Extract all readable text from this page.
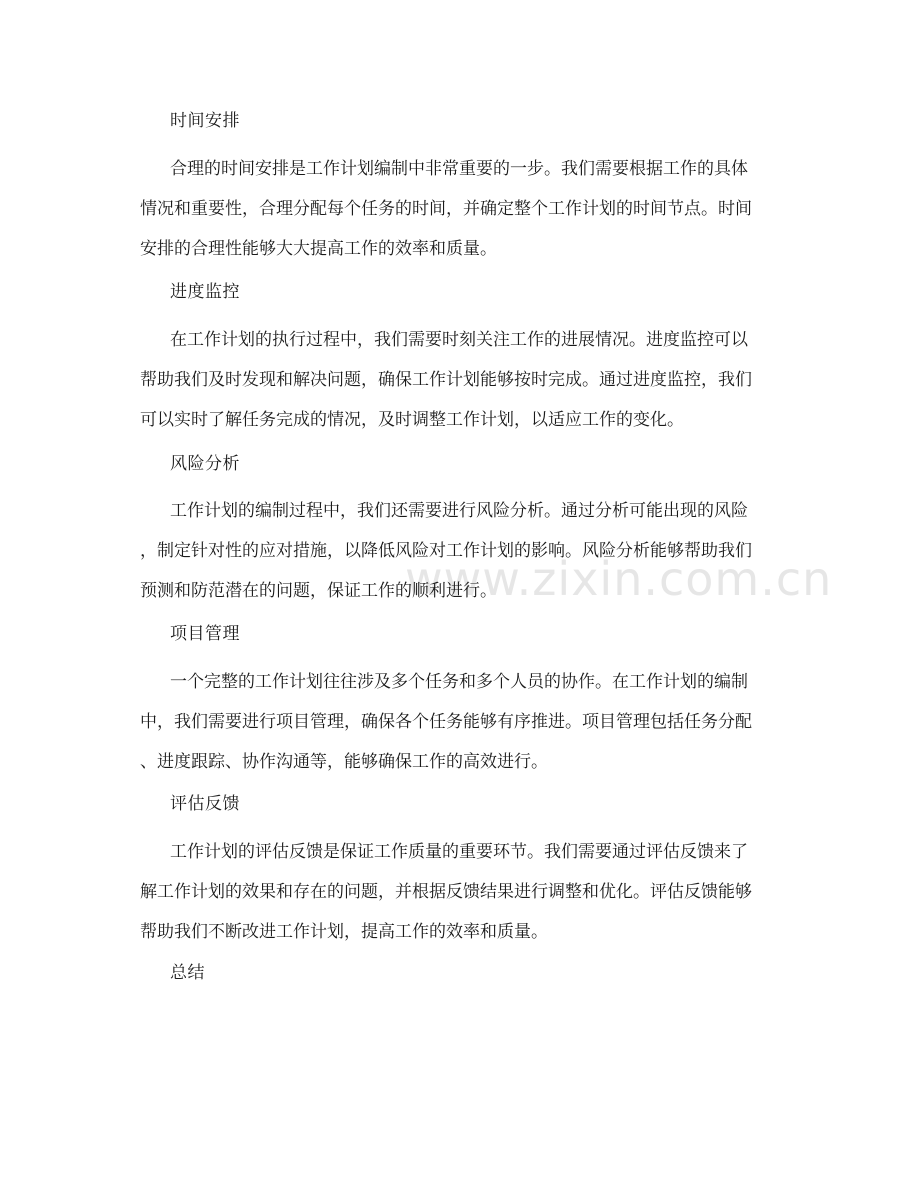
www.zixin.com.cn
时间安排
合理的时间安排是工作计划编制中非常重要的一步。我们需要根据工作的具体
情况和重要性，合理分配每个任务的时间，并确定整个工作计划的时间节点。时间
安排的合理性能够大大提高工作的效率和质量。
进度监控
在工作计划的执行过程中，我们需要时刻关注工作的进展情况。进度监控可以
帮助我们及时发现和解决问题，确保工作计划能够按时完成。通过进度监控，我们
可以实时了解任务完成的情况，及时调整工作计划，以适应工作的变化。
风险分析
工作计划的编制过程中，我们还需要进行风险分析。通过分析可能出现的风险
，制定针对性的应对措施，以降低风险对工作计划的影响。风险分析能够帮助我们
预测和防范潜在的问题，保证工作的顺利进行。
项目管理
一个完整的工作计划往往涉及多个任务和多个人员的协作。在工作计划的编制
中，我们需要进行项目管理，确保各个任务能够有序推进。项目管理包括任务分配
、进度跟踪、协作沟通等，能够确保工作的高效进行。
评估反馈
工作计划的评估反馈是保证工作质量的重要环节。我们需要通过评估反馈来了
解工作计划的效果和存在的问题，并根据反馈结果进行调整和优化。评估反馈能够
帮助我们不断改进工作计划，提高工作的效率和质量。
总结
